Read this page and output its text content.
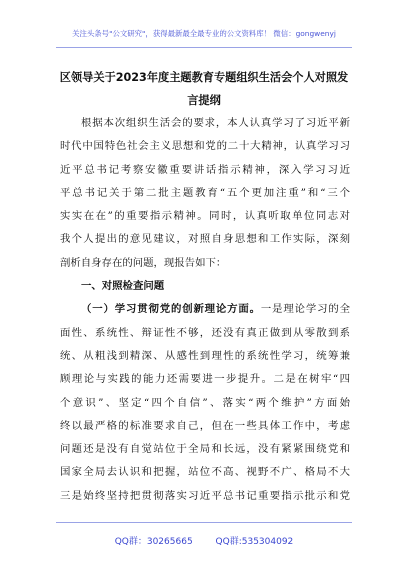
关注头条号"公文研究"，获得最新最全最专业的公文资料库！ 微信：gongwenyj
区领导关于2023年度主题教育专题组织生活会个人对照发
言提纲
根据本次组织生活会的要求，本人认真学习了习近平新
时代中国特色社会主义思想和党的二十大精神，认真学习习
近平总书记考察安徽重要讲话指示精神，深入学习习近
平总书记关于第二批主题教育“五个更加注重”和“三个
实实在在”的重要指示精神。同时，认真听取单位同志对
我个人提出的意见建议，对照自身思想和工作实际，深刻
剖析自身存在的问题，现报告如下：
一、对照检查问题
（一）学习贯彻党的创新理论方面。一是理论学习的全
面性、系统性、辩证性不够，还没有真正做到从零散到系
统、从粗浅到精深、从感性到理性的系统性学习，统筹兼
顾理论与实践的能力还需要进一步提升。二是在树牢“四
个意识”、坚定“四个自信”、落实“两个维护”方面始
终以最严格的标准要求自己，但在一些具体工作中，考虑
问题还是没有自觉站位于全局和长远，没有紧紧围绕党和
国家全局去认识和把握，站位不高、视野不广、格局不大
三是始终坚持把贯彻落实习近平总书记重要指示批示和党
QQ群：30265665	QQ群:535304092
